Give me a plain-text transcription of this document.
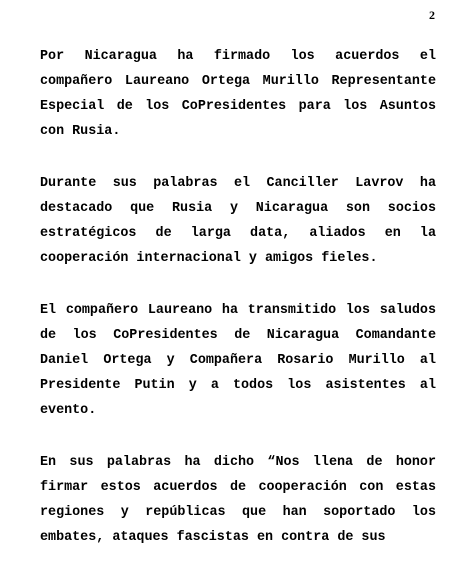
2

Por Nicaragua ha firmado los acuerdos el compañero Laureano Ortega Murillo Representante Especial de los CoPresidentes para los Asuntos con Rusia.

Durante sus palabras el Canciller Lavrov ha destacado que Rusia y Nicaragua son socios estratégicos de larga data, aliados en la cooperación internacional y amigos fieles.

El compañero Laureano ha transmitido los saludos de los CoPresidentes de Nicaragua Comandante Daniel Ortega y Compañera Rosario Murillo al Presidente Putin y a todos los asistentes al evento.

En sus palabras ha dicho “Nos llena de honor firmar estos acuerdos de cooperación con estas regiones y repúblicas que han soportado los embates, ataques fascistas en contra de sus
